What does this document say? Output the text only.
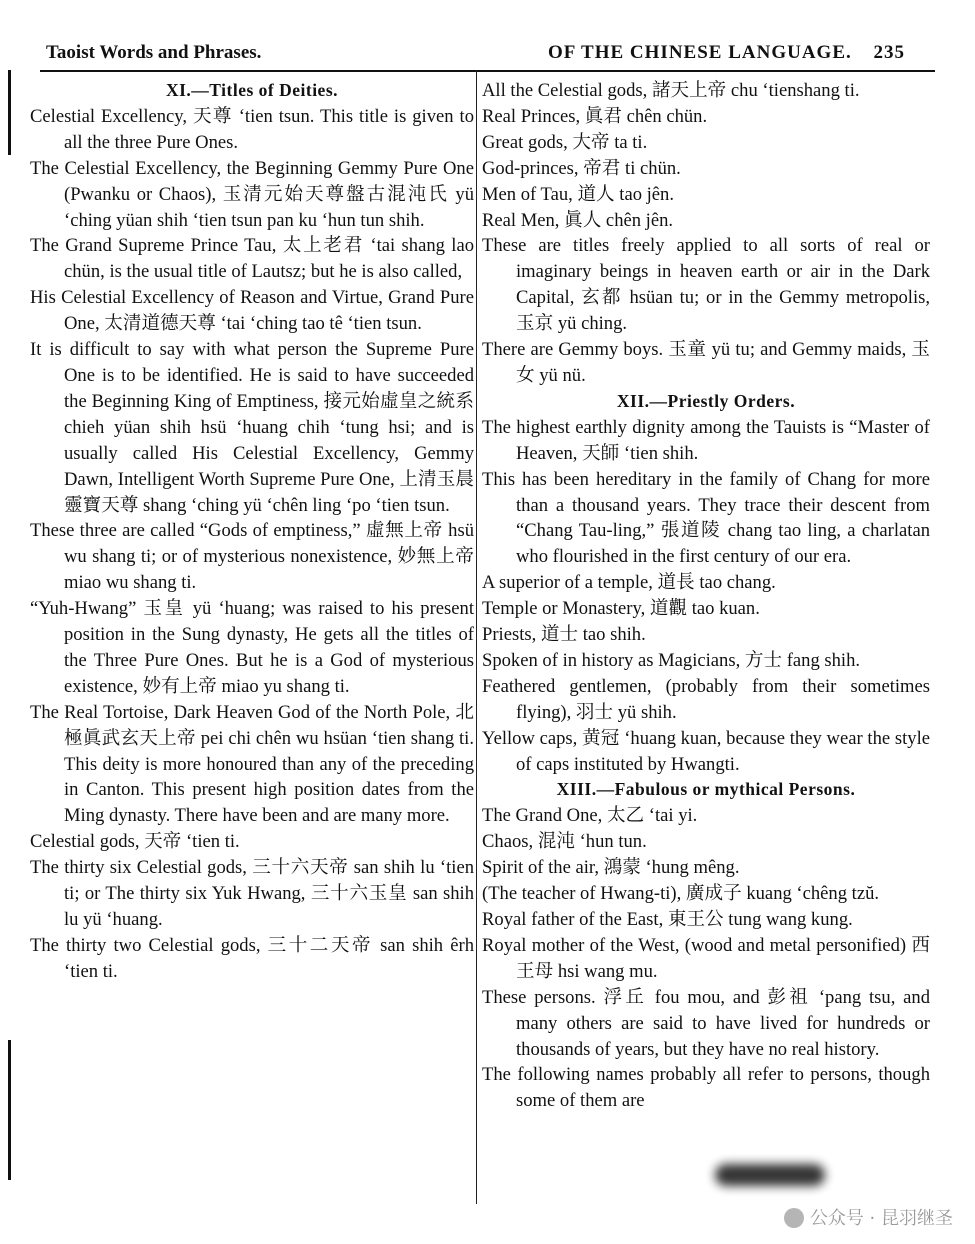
Taoist Words and Phrases.	OF THE CHINESE LANGUAGE. 235

XI.—Titles of Deities.

Celestial Excellency, 天尊 ‘tien tsun. This title is given to all the three Pure Ones.

The Celestial Excellency, the Beginning Gemmy Pure One (Pwanku or Chaos), 玉清元始天尊盤古混沌氏 yü ‘ching yüan shih ‘tien tsun pan ku ‘hun tun shih.

The Grand Supreme Prince Tau, 太上老君 ‘tai shang lao chün, is the usual title of Lautsz; but he is also called,

His Celestial Excellency of Reason and Virtue, Grand Pure One, 太清道德天尊 ‘tai ‘ching tao tê ‘tien tsun.

It is difficult to say with what person the Supreme Pure One is to be identified. He is said to have succeeded the Beginning King of Emptiness, 接元始虛皇之統系 chieh yüan shih hsü ‘huang chih ‘tung hsi; and is usually called His Celestial Excellency, Gemmy Dawn, Intelligent Worth Supreme Pure One, 上清玉晨靈寶天尊 shang ‘ching yü ‘chên ling ‘po ‘tien tsun.

These three are called “Gods of emptiness,” 虛無上帝 hsü wu shang ti; or of mysterious nonexistence, 妙無上帝 miao wu shang ti.

“Yuh-Hwang” 玉皇 yü ‘huang; was raised to his present position in the Sung dynasty, He gets all the titles of the Three Pure Ones. But he is a God of mysterious existence, 妙有上帝 miao yu shang ti.

The Real Tortoise, Dark Heaven God of the North Pole, 北極眞武玄天上帝 pei chi chên wu hsüan ‘tien shang ti. This deity is more honoured than any of the preceding in Canton. This present high position dates from the Ming dynasty. There have been and are many more.

Celestial gods, 天帝 ‘tien ti.

The thirty six Celestial gods, 三十六天帝 san shih lu ‘tien ti; or The thirty six Yuk Hwang, 三十六玉皇 san shih lu yü ‘huang.

The thirty two Celestial gods, 三十二天帝 san shih êrh ‘tien ti.

All the Celestial gods, 諸天上帝 chu ‘tienshang ti.

Real Princes, 眞君 chên chün.

Great gods, 大帝 ta ti.

God-princes, 帝君 ti chün.

Men of Tau, 道人 tao jên.

Real Men, 眞人 chên jên.

These are titles freely applied to all sorts of real or imaginary beings in heaven earth or air in the Dark Capital, 玄都 hsüan tu; or in the Gemmy metropolis, 玉京 yü ching.

There are Gemmy boys. 玉童 yü tu; and Gemmy maids, 玉女 yü nü.

XII.—Priestly Orders.

The highest earthly dignity among the Tauists is “Master of Heaven, 天師 ‘tien shih.

This has been hereditary in the family of Chang for more than a thousand years. They trace their descent from “Chang Tau-ling,” 張道陵 chang tao ling, a charlatan who flourished in the first century of our era.

A superior of a temple, 道長 tao chang.

Temple or Monastery, 道觀 tao kuan.

Priests, 道士 tao shih.

Spoken of in history as Magicians, 方士 fang shih.

Feathered gentlemen, (probably from their sometimes flying), 羽士 yü shih.

Yellow caps, 黄冠 ‘huang kuan, because they wear the style of caps instituted by Hwangti.

XIII.—Fabulous or mythical Persons.

The Grand One, 太乙 ‘tai yi.

Chaos, 混沌 ‘hun tun.

Spirit of the air, 鴻蒙 ‘hung mêng.

(The teacher of Hwang-ti), 廣成子 kuang ‘chêng tzŭ.

Royal father of the East, 東王公 tung wang kung.

Royal mother of the West, (wood and metal personified) 西王母 hsi wang mu.

These persons. 浮丘 fou mou, and 彭祖 ‘pang tsu, and many others are said to have lived for hundreds or thousands of years, but they have no real history.

The following names probably all refer to persons, though some of them are

公众号 · 昆羽继圣
